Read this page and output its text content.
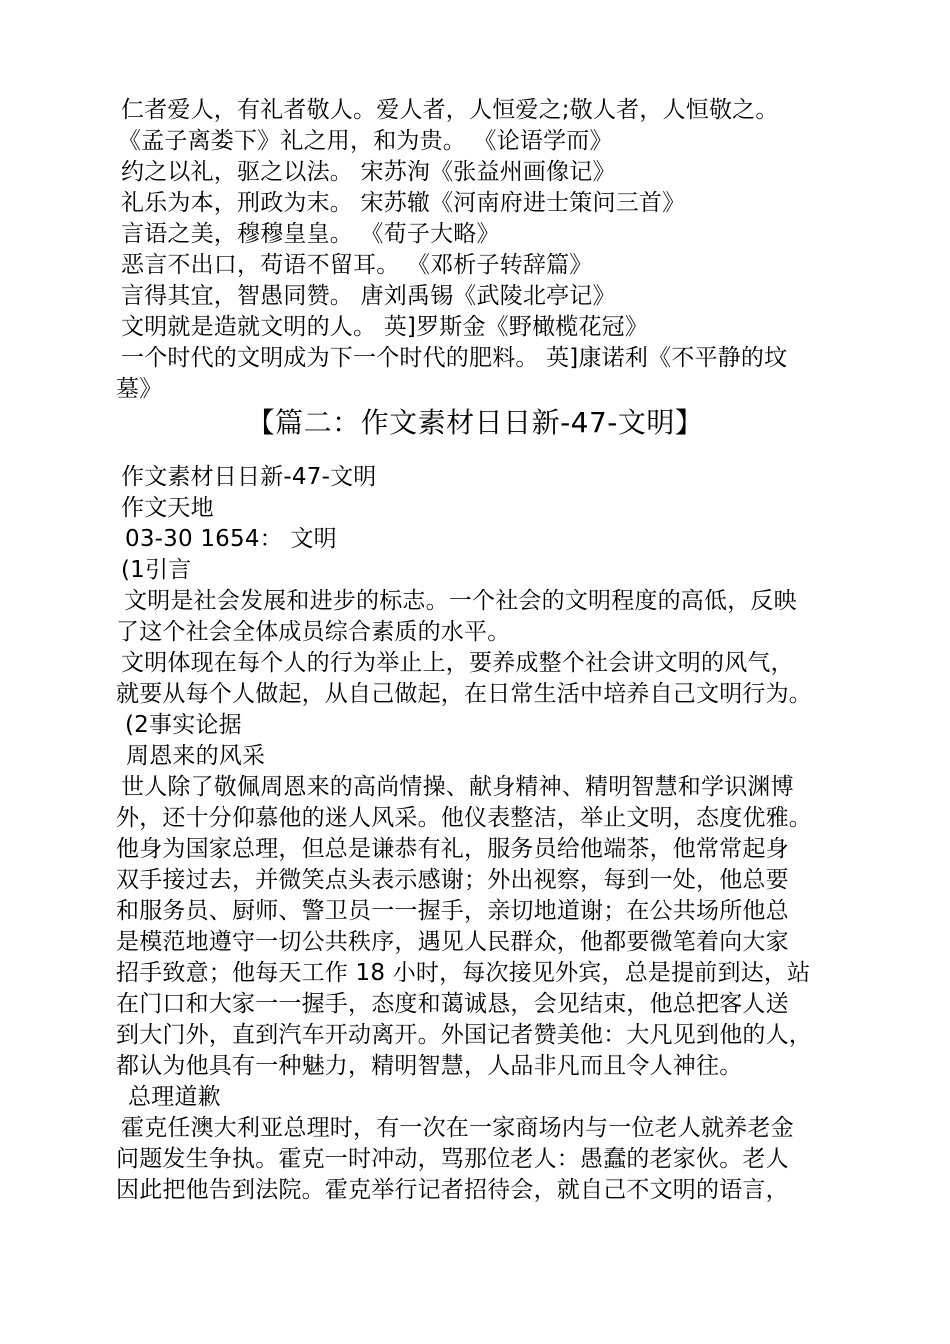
仁者爱人，有礼者敬人。爱人者，人恒爱之;敬人者，人恒敬之。
《孟子离娄下》礼之用，和为贵。 《论语学而》
约之以礼，驱之以法。 宋苏洵《张益州画像记》
礼乐为本，刑政为末。 宋苏辙《河南府进士策问三首》
言语之美，穆穆皇皇。 《荀子大略》
恶言不出口，苟语不留耳。 《邓析子转辞篇》
言得其宜，智愚同赞。 唐刘禹锡《武陵北亭记》
文明就是造就文明的人。 英]罗斯金《野橄榄花冠》
一个时代的文明成为下一个时代的肥料。 英]康诺利《不平静的坟
墓》
【篇二：作文素材日日新-47-文明】
作文素材日日新-47-文明
作文天地
03-30 1654： 文明
(1引言
文明是社会发展和进步的标志。一个社会的文明程度的高低，反映
了这个社会全体成员综合素质的水平。
文明体现在每个人的行为举止上，要养成整个社会讲文明的风气，
就要从每个人做起，从自己做起，在日常生活中培养自己文明行为。
(2事实论据
周恩来的风采
世人除了敬佩周恩来的高尚情操、献身精神、精明智慧和学识渊博
外，还十分仰慕他的迷人风采。他仪表整洁，举止文明，态度优雅。
他身为国家总理，但总是谦恭有礼，服务员给他端茶，他常常起身
双手接过去，并微笑点头表示感谢；外出视察，每到一处，他总要
和服务员、厨师、警卫员一一握手，亲切地道谢；在公共场所他总
是模范地遵守一切公共秩序，遇见人民群众，他都要微笔着向大家
招手致意；他每天工作 18 小时，每次接见外宾，总是提前到达，站
在门口和大家一一握手，态度和蔼诚恳，会见结束，他总把客人送
到大门外，直到汽车开动离开。外国记者赞美他：大凡见到他的人，
都认为他具有一种魅力，精明智慧，人品非凡而且令人神往。
总理道歉
霍克任澳大利亚总理时，有一次在一家商场内与一位老人就养老金
问题发生争执。霍克一时冲动，骂那位老人：愚蠢的老家伙。老人
因此把他告到法院。霍克举行记者招待会，就自己不文明的语言，
